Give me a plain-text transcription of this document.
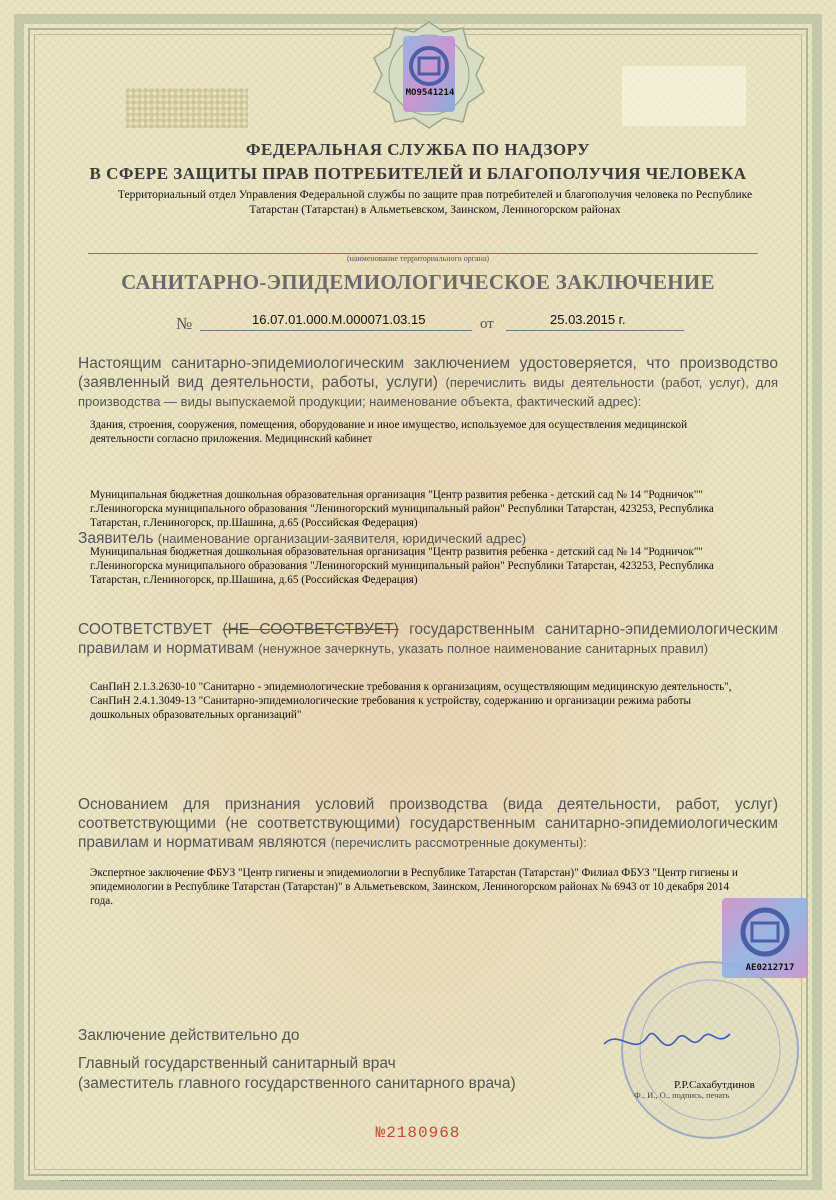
МО9541214
ФЕДЕРАЛЬНАЯ СЛУЖБА ПО НАДЗОРУ
В СФЕРЕ ЗАЩИТЫ ПРАВ ПОТРЕБИТЕЛЕЙ И БЛАГОПОЛУЧИЯ ЧЕЛОВЕКА
Территориальный отдел Управления Федеральной службы по защите прав потребителей и благополучия человека по Республике
Татарстан (Татарстан) в Альметьевском, Заинском, Лениногорском районах
(наименование территориального органа)
САНИТАРНО-ЭПИДЕМИОЛОГИЧЕСКОЕ ЗАКЛЮЧЕНИЕ
№	16.07.01.000.М.000071.03.15	от	25.03.2015 г.
Настоящим санитарно-эпидемиологическим заключением удостоверяется, что производство (заявленный вид деятельности, работы, услуги) (перечислить виды деятельности (работ, услуг), для производства — виды выпускаемой продукции; наименование объекта, фактический адрес):
Здания, строения, сооружения, помещения, оборудование и иное имущество, используемое для осуществления медицинской деятельности согласно приложения. Медицинский кабинет
Муниципальная бюджетная дошкольная образовательная организация "Центр развития ребенка - детский сад № 14 "Родничок"" г.Лениногорска муниципального образования "Лениногорский муниципальный район" Республики Татарстан, 423253, Республика Татарстан, г.Лениногорск, пр.Шашина, д.65 (Российская Федерация)
Заявитель (наименование организации-заявителя, юридический адрес)
Муниципальная бюджетная дошкольная образовательная организация "Центр развития ребенка - детский сад № 14 "Родничок"" г.Лениногорска муниципального образования "Лениногорский муниципальный район" Республики Татарстан, 423253, Республика Татарстан, г.Лениногорск, пр.Шашина, д.65 (Российская Федерация)
СООТВЕТСТВУЕТ (НЕ СООТВЕТСТВУЕТ) государственным санитарно-эпидемиологическим правилам и нормативам (ненужное зачеркнуть, указать полное наименование санитарных правил)
СанПиН 2.1.3.2630-10 "Санитарно - эпидемиологические требования к организациям, осуществляющим медицинскую деятельность", СанПиН 2.4.1.3049-13 "Санитарно-эпидемиологические требования к устройству, содержанию и организации режима работы дошкольных образовательных организаций"
Основанием для признания условий производства (вида деятельности, работ, услуг) соответствующими (не соответствующими) государственным санитарно-эпидемиологическим правилам и нормативам являются (перечислить рассмотренные документы):
Экспертное заключение ФБУЗ "Центр гигиены и эпидемиологии в Республике Татарстан (Татарстан)" Филиал ФБУЗ "Центр гигиены и эпидемиологии в Республике Татарстан (Татарстан)" в Альметьевском, Заинском, Лениногорском районах № 6943 от 10 декабря 2014 года.
АЕ0212717
Заключение действительно до
Главный государственный санитарный врач
(заместитель главного государственного санитарного врача)	Р.Р.Сахабутдинов
Ф., И., О., подпись, печать
№2180968
